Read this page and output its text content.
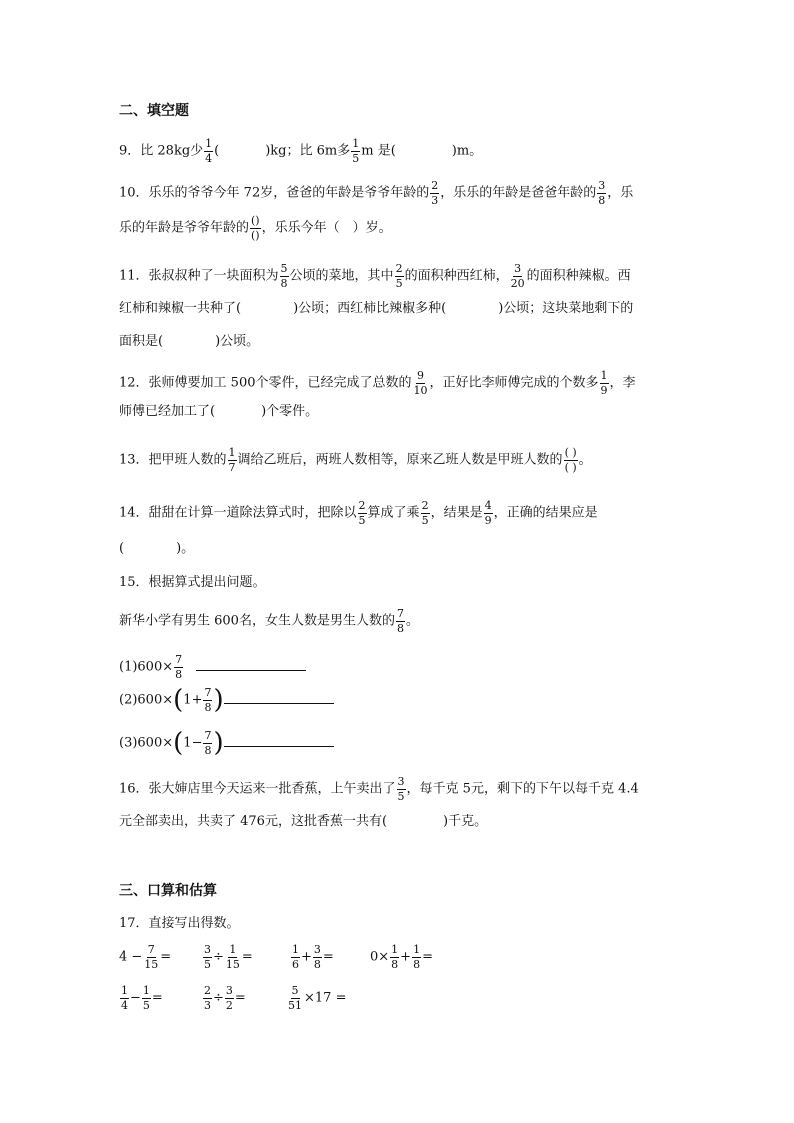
二、填空题
9．比 28kg少 $\frac{1}{4}$ (	)kg；比 6m多 $\frac{1}{5}$ m 是(	)m。
10．乐乐的爷爷今年 72岁，爸爸的年龄是爷爷年龄的 $\frac{2}{3}$ ，乐乐的年龄是爸爸年龄的 $\frac{3}{8}$ ，乐
乐的年龄是爷爷年龄的 $\frac{()}{()}$ ，乐乐今年（　）岁。
11．张叔叔种了一块面积为 $\frac{5}{8}$ 公顷的菜地，其中 $\frac{2}{5}$ 的面积种西红柿， $\frac{3}{20}$ 的面积种辣椒。西
红柿和辣椒一共种了(	)公顷；西红柿比辣椒多种(	)公顷；这块菜地剩下的
面积是(	)公顷。
12．张师傅要加工 500个零件，已经完成了总数的 $\frac{9}{10}$ ，正好比李师傅完成的个数多 $\frac{1}{9}$ ，李
师傅已经加工了(	)个零件。
13．把甲班人数的 $\frac{1}{7}$ 调给乙班后，两班人数相等，原来乙班人数是甲班人数的 $\frac{( )}{( )}$ 。
14．甜甜在计算一道除法算式时，把除以 $\frac{2}{5}$ 算成了乘 $\frac{2}{5}$ ，结果是 $\frac{4}{9}$ ，正确的结果应是
(	)。
15．根据算式提出问题。
新华小学有男生 600名，女生人数是男生人数的 $\frac{7}{8}$ 。
$(1)600\times \frac{7}{8}$

$(2)600\times(1+ \frac{7}{8}$ )
$(3)600\times(1- \frac{7}{8}$ )
16．张大婶店里今天运来一批香蕉，上午卖出了 $\frac{3}{5}$ ，每千克 5元，剩下的下午以每千克 4.4
元全部卖出，共卖了 476元，这批香蕉一共有(	)千克。
三、口算和估算
17．直接写出得数。
$4 - \frac{7}{15}$ =	$\frac{3}{5} \div \frac{1}{15}$ =	$\frac{1}{6} + \frac{3}{8}$ =	$0\times \frac{1}{8} + \frac{1}{8}$ =
$\frac{1}{4} - \frac{1}{5}$ =	$\frac{2}{3} \div \frac{3}{2}$ =	$\frac{5}{51} \times 17$ =
